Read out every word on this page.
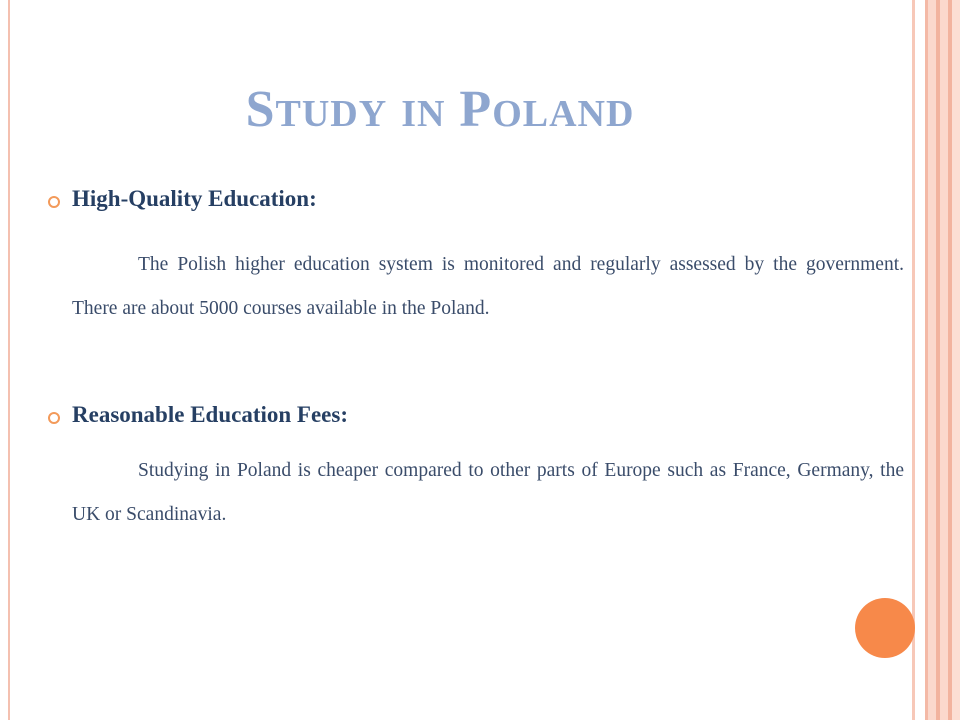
STUDY IN POLAND
High-Quality Education:

The Polish higher education system is monitored and regularly assessed by the government. There are about 5000 courses available in the Poland.

Reasonable Education Fees:

Studying in Poland is cheaper compared to other parts of Europe such as France, Germany, the UK or Scandinavia.
